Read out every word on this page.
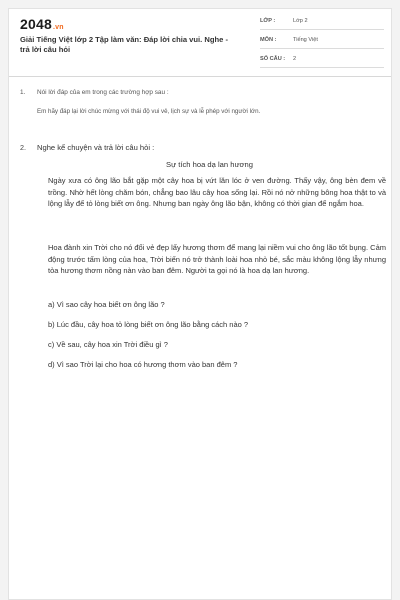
2048.vn
Giải Tiếng Việt lớp 2 Tập làm văn: Đáp lời chia vui. Nghe - trả lời câu hỏi
LỚP :	Lớp 2
MÔN :	Tiếng Việt
SỐ CÂU : 2
1. Nói lời đáp của em trong các trường hợp sau :
Em hãy đáp lại lời chúc mừng với thái độ vui vẻ, lịch sự và lễ phép với người lớn.
2. Nghe kể chuyện và trả lời câu hỏi :
Sự tích hoa dạ lan hương

Ngày xưa có ông lão bắt gặp một cây hoa bị vứt lăn lóc ở ven đường. Thấy vậy, ông bèn đem về trồng. Nhờ hết lòng chăm bón, chẳng bao lâu cây hoa sống lại. Rồi nó nở những bông hoa thật to và lộng lẫy để tỏ lòng biết ơn ông. Nhưng ban ngày ông lão bận, không có thời gian để ngắm hoa.

Hoa đành xin Trời cho nó đổi vẻ đẹp lấy hương thơm để mang lại niềm vui cho ông lão tốt bụng. Cảm động trước tấm lòng của hoa, Trời biến nó trở thành loài hoa nhỏ bé, sắc màu không lộng lẫy nhưng tỏa hương thơm nồng nàn vào ban đêm. Người ta gọi nó là hoa dạ lan hương.

a) Vì sao cây hoa biết ơn ông lão ?
b) Lúc đầu, cây hoa tỏ lòng biết ơn ông lão bằng cách nào ?
c) Về sau, cây hoa xin Trời điều gì ?
d) Vì sao Trời lại cho hoa có hương thơm vào ban đêm ?
